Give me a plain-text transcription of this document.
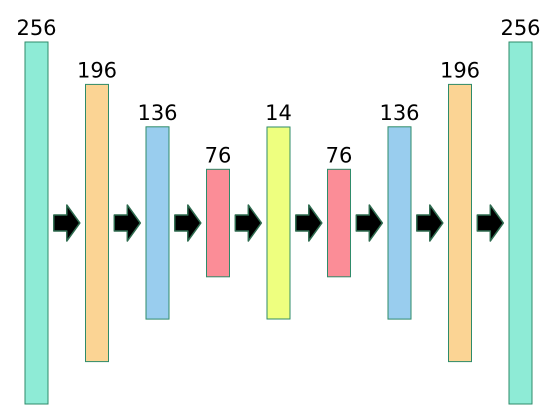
256
196
136
76
14
76
136
196
256
